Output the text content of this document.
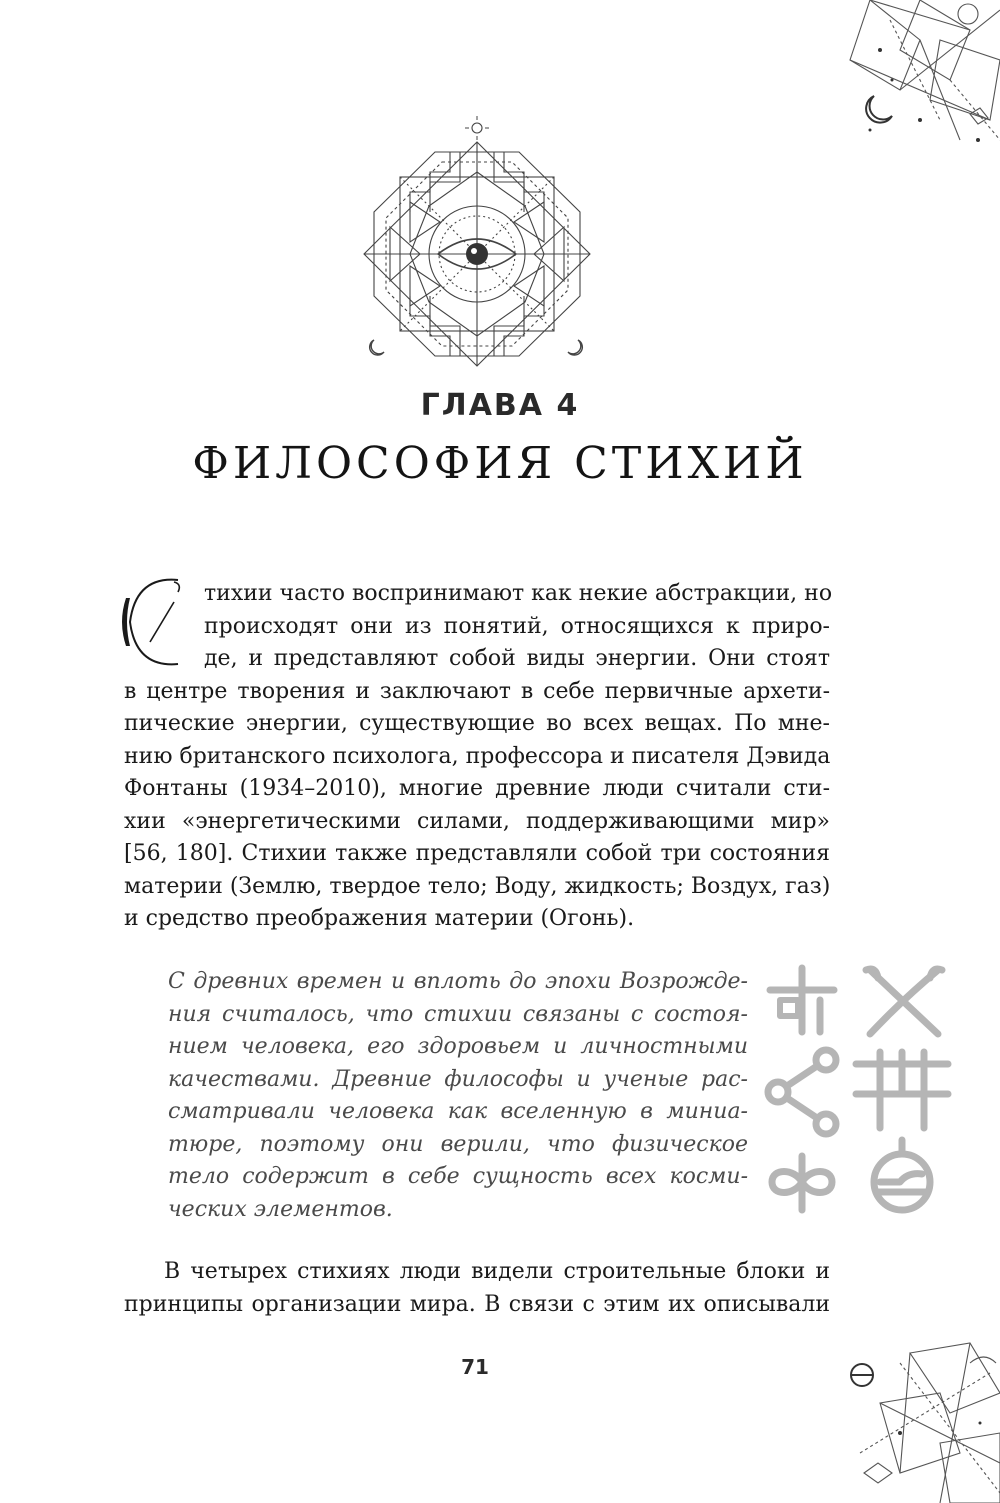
ГЛАВА 4
ФИЛОСОФИЯ СТИХИЙ
тихии часто воспринимают как некие абстракции, но
происходят они из понятий, относящихся к приро-
де, и представляют собой виды энергии. Они стоят
в центре творения и заключают в себе первичные архети-
пические энергии, существующие во всех вещах. По мне-
нию британского психолога, профессора и писателя Дэвида
Фонтаны (1934–2010), многие древние люди считали сти-
хии «энергетическими силами, поддерживающими мир»
[56, 180]. Стихии также представляли собой три состояния
материи (Землю, твердое тело; Воду, жидкость; Воздух, газ)
и средство преображения материи (Огонь).
С древних времен и вплоть до эпохи Возрожде-
ния считалось, что стихии связаны с состоя-
нием человека, его здоровьем и личностными
качествами. Древние философы и ученые рас-
сматривали человека как вселенную в миниа-
тюре, поэтому они верили, что физическое
тело содержит в себе сущность всех косми-
ческих элементов.
В четырех стихиях люди видели строительные блоки и
принципы организации мира. В связи с этим их описывали
71
